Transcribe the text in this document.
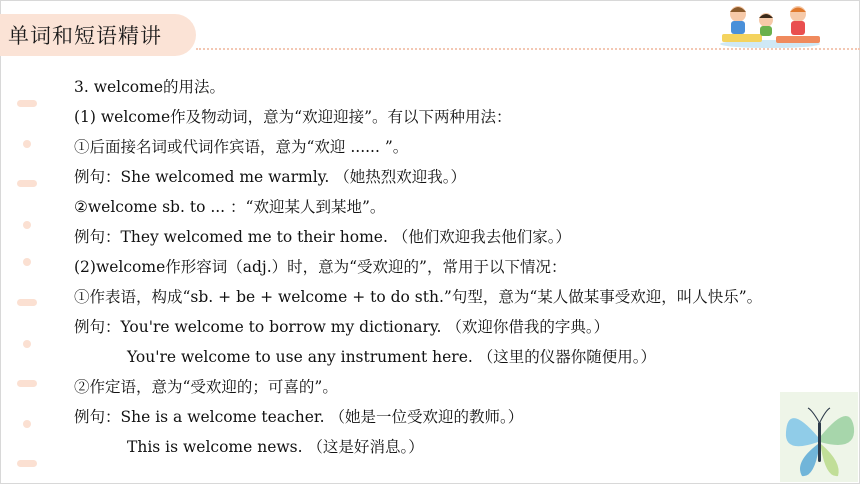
单词和短语精讲
3. welcome的用法。
(1) welcome作及物动词，意为“欢迎迎接”。有以下两种用法：
①后面接名词或代词作宾语，意为“欢迎 ...... ”。
例句：She welcomed me warmly. （她热烈欢迎我。）
②welcome sb. to ... ：“欢迎某人到某地”。
例句：They welcomed me to their home. （他们欢迎我去他们家。）
(2)welcome作形容词（adj.）时，意为“受欢迎的”，常用于以下情况：
①作表语，构成“sb. + be + welcome + to do sth.”句型，意为“某人做某事受欢迎，叫人快乐”。
例句：You're welcome to borrow my dictionary. （欢迎你借我的字典。）
You're welcome to use any instrument here. （这里的仪器你随便用。）
②作定语，意为“受欢迎的；可喜的”。
例句：She is a welcome teacher. （她是一位受欢迎的教师。）
This is welcome news. （这是好消息。）
